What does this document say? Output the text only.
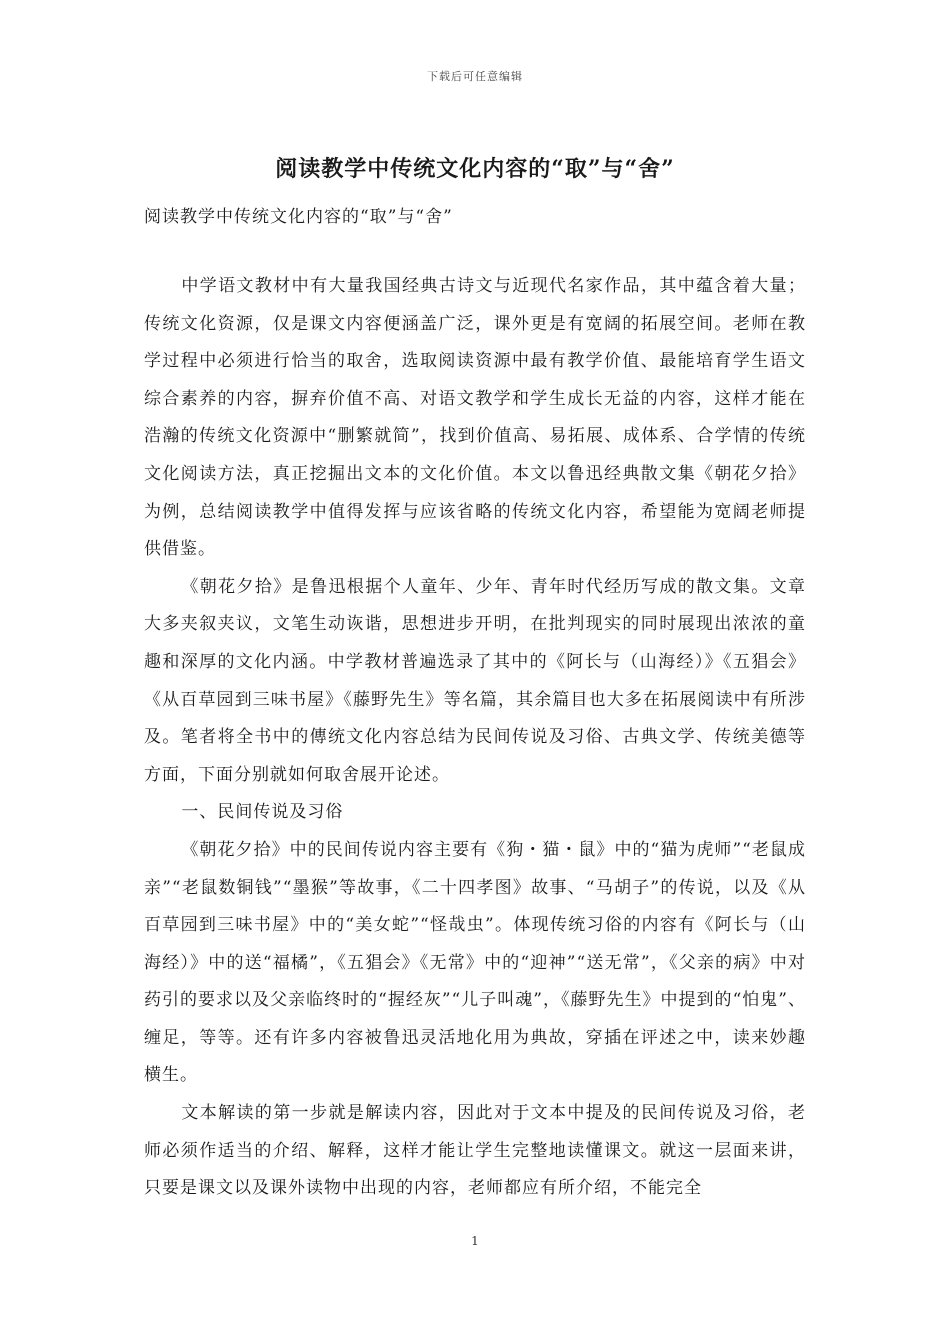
下载后可任意编辑
阅读教学中传统文化内容的“取”与“舍”

阅读教学中传统文化内容的“取”与“舍”

中学语文教材中有大量我国经典古诗文与近现代名家作品，其中蕴含着大量；传统文化资源，仅是课文内容便涵盖广泛，课外更是有宽阔的拓展空间。老师在教学过程中必须进行恰当的取舍，选取阅读资源中最有教学价值、最能培育学生语文综合素养的内容，摒弃价值不高、对语文教学和学生成长无益的内容，这样才能在浩瀚的传统文化资源中“删繁就简”，找到价值高、易拓展、成体系、合学情的传统文化阅读方法，真正挖掘出文本的文化价值。本文以鲁迅经典散文集《朝花夕拾》为例，总结阅读教学中值得发挥与应该省略的传统文化内容，希望能为宽阔老师提供借鉴。

《朝花夕拾》是鲁迅根据个人童年、少年、青年时代经历写成的散文集。文章大多夹叙夹议，文笔生动诙谐，思想进步开明，在批判现实的同时展现出浓浓的童趣和深厚的文化内涵。中学教材普遍选录了其中的《阿长与（山海经）》《五猖会》《从百草园到三味书屋》《藤野先生》等名篇，其余篇目也大多在拓展阅读中有所涉及。笔者将全书中的傳统文化内容总结为民间传说及习俗、古典文学、传统美德等方面，下面分别就如何取舍展开论述。

一、民间传说及习俗

《朝花夕拾》中的民间传说内容主要有《狗・猫・鼠》中的“猫为虎师”“老鼠成亲”“老鼠数铜钱”“墨猴”等故事，《二十四孝图》故事、“马胡子”的传说，以及《从百草园到三味书屋》中的“美女蛇”“怪哉虫”。体现传统习俗的内容有《阿长与（山海经）》中的送“福橘”，《五猖会》《无常》中的“迎神”“送无常”，《父亲的病》中对药引的要求以及父亲临终时的“握经灰”“儿子叫魂”，《藤野先生》中提到的“怕鬼”、缠足，等等。还有许多内容被鲁迅灵活地化用为典故，穿插在评述之中，读来妙趣横生。

文本解读的第一步就是解读内容，因此对于文本中提及的民间传说及习俗，老师必须作适当的介绍、解释，这样才能让学生完整地读懂课文。就这一层面来讲，只要是课文以及课外读物中出现的内容，老师都应有所介绍，不能完全

1
